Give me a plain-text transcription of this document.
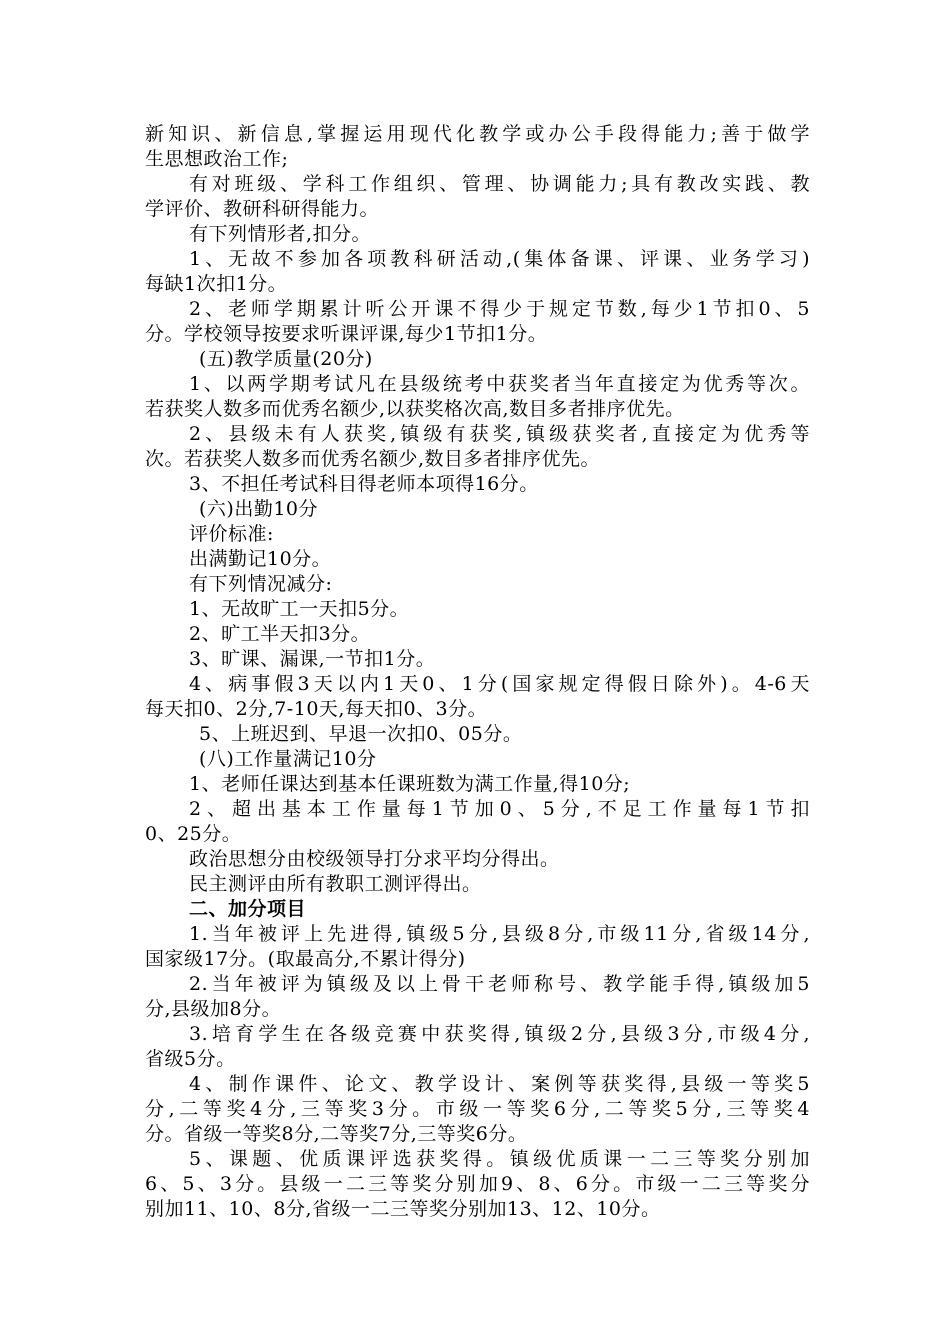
新知识、新信息,掌握运用现代化教学或办公手段得能力;善于做学
生思想政治工作;
有对班级、学科工作组织、管理、协调能力;具有教改实践、教
学评价、教研科研得能力。
有下列情形者,扣分。
1、无故不参加各项教科研活动,(集体备课、评课、业务学习)
每缺1次扣1分。
2、老师学期累计听公开课不得少于规定节数,每少1节扣0、5
分。学校领导按要求听课评课,每少1节扣1分。
(五)教学质量(20分)
1、以两学期考试凡在县级统考中获奖者当年直接定为优秀等次。
若获奖人数多而优秀名额少,以获奖格次高,数目多者排序优先。
2、县级未有人获奖,镇级有获奖,镇级获奖者,直接定为优秀等
次。若获奖人数多而优秀名额少,数目多者排序优先。
3、不担任考试科目得老师本项得16分。
(六)出勤10分
评价标准:
出满勤记10分。
有下列情况减分:
1、无故旷工一天扣5分。
2、旷工半天扣3分。
3、旷课、漏课,一节扣1分。
4、病事假3天以内1天0、1分(国家规定得假日除外)。4-6天
每天扣0、2分,7-10天,每天扣0、3分。
5、上班迟到、早退一次扣0、05分。
(八)工作量满记10分
1、老师任课达到基本任课班数为满工作量,得10分;
2、超出基本工作量每1节加0、5分,不足工作量每1节扣
0、25分。
政治思想分由校级领导打分求平均分得出。
民主测评由所有教职工测评得出。
二、加分项目
1.当年被评上先进得,镇级5分,县级8分,市级11分,省级14分,
国家级17分。(取最高分,不累计得分)
2.当年被评为镇级及以上骨干老师称号、教学能手得,镇级加5
分,县级加8分。
3.培育学生在各级竞赛中获奖得,镇级2分,县级3分,市级4分,
省级5分。
4、制作课件、论文、教学设计、案例等获奖得,县级一等奖5
分,二等奖4分,三等奖3分。市级一等奖6分,二等奖5分,三等奖4
分。省级一等奖8分,二等奖7分,三等奖6分。
5、课题、优质课评选获奖得。镇级优质课一二三等奖分别加
6、5、3分。县级一二三等奖分别加9、8、6分。市级一二三等奖分
别加11、10、8分,省级一二三等奖分别加13、12、10分。
